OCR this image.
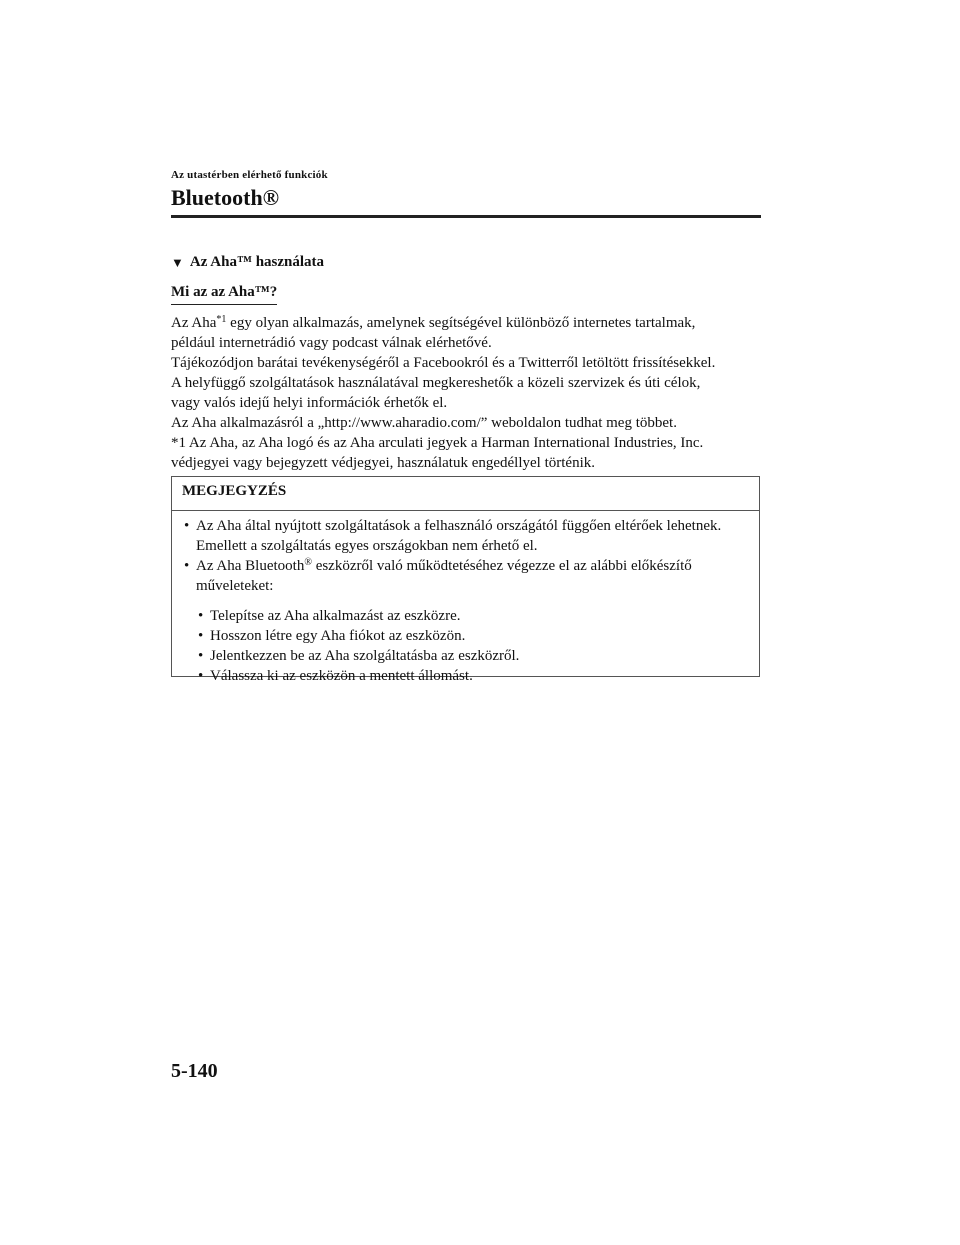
Az utastérben elérhető funkciók
Bluetooth®
▼ Az Aha™ használata
Mi az az Aha™?

Az Aha$^{*1}$ egy olyan alkalmazás, amelynek segítségével különböző internetes tartalmak,

például internetrádió vagy podcast válnak elérhetővé.

Tájékozódjon barátai tevékenységéről a Facebookról és a Twitterről letöltött frissítésekkel.

A helyfüggő szolgáltatások használatával megkereshetők a közeli szervizek és úti célok,

vagy valós idejű helyi információk érhetők el.

Az Aha alkalmazásról a „http://www.aharadio.com/” weboldalon tudhat meg többet.

*1 Az Aha, az Aha logó és az Aha arculati jegyek a Harman International Industries, Inc.

védjegyei vagy bejegyzett védjegyei, használatuk engedéllyel történik.

MEGJEGYZÉS
• Az Aha által nyújtott szolgáltatások a felhasználó országától függően eltérőek lehetnek.
Emellett a szolgáltatás egyes országokban nem érhető el.
• Az Aha Bluetooth® eszközről való működtetéséhez végezze el az alábbi előkészítő
műveleteket:
• Telepítse az Aha alkalmazást az eszközre.
• Hosszon létre egy Aha fiókot az eszközön.
• Jelentkezzen be az Aha szolgáltatásba az eszközről.
• Válassza ki az eszközön a mentett állomást.
5-140
